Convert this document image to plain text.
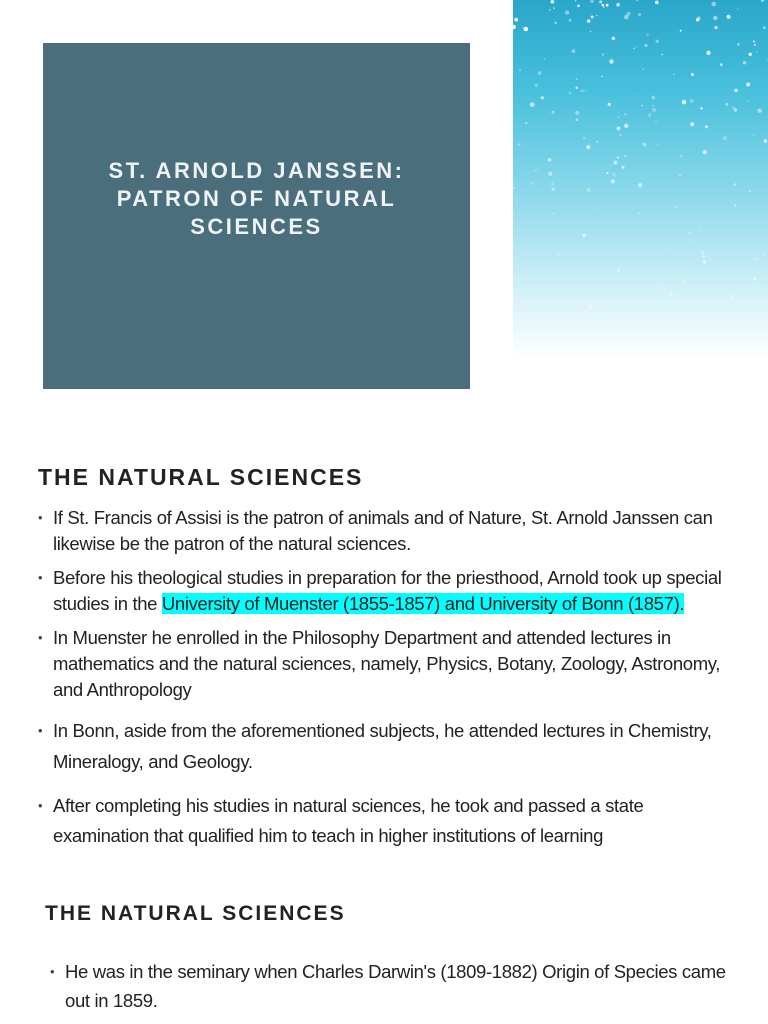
ST. ARNOLD JANSSEN:
PATRON OF NATURAL
SCIENCES
THE NATURAL SCIENCES
• If St. Francis of Assisi is the patron of animals and of Nature, St. Arnold Janssen can likewise be the patron of the natural sciences.
• Before his theological studies in preparation for the priesthood, Arnold took up special studies in the University of Muenster (1855-1857) and University of Bonn (1857).
• In Muenster he enrolled in the Philosophy Department and attended lectures in mathematics and the natural sciences, namely, Physics, Botany, Zoology, Astronomy, and Anthropology
• In Bonn, aside from the aforementioned subjects, he attended lectures in Chemistry, Mineralogy, and Geology.
• After completing his studies in natural sciences, he took and passed a state examination that qualified him to teach in higher institutions of learning
THE NATURAL SCIENCES
• He was in the seminary when Charles Darwin's (1809-1882) Origin of Species came out in 1859.
